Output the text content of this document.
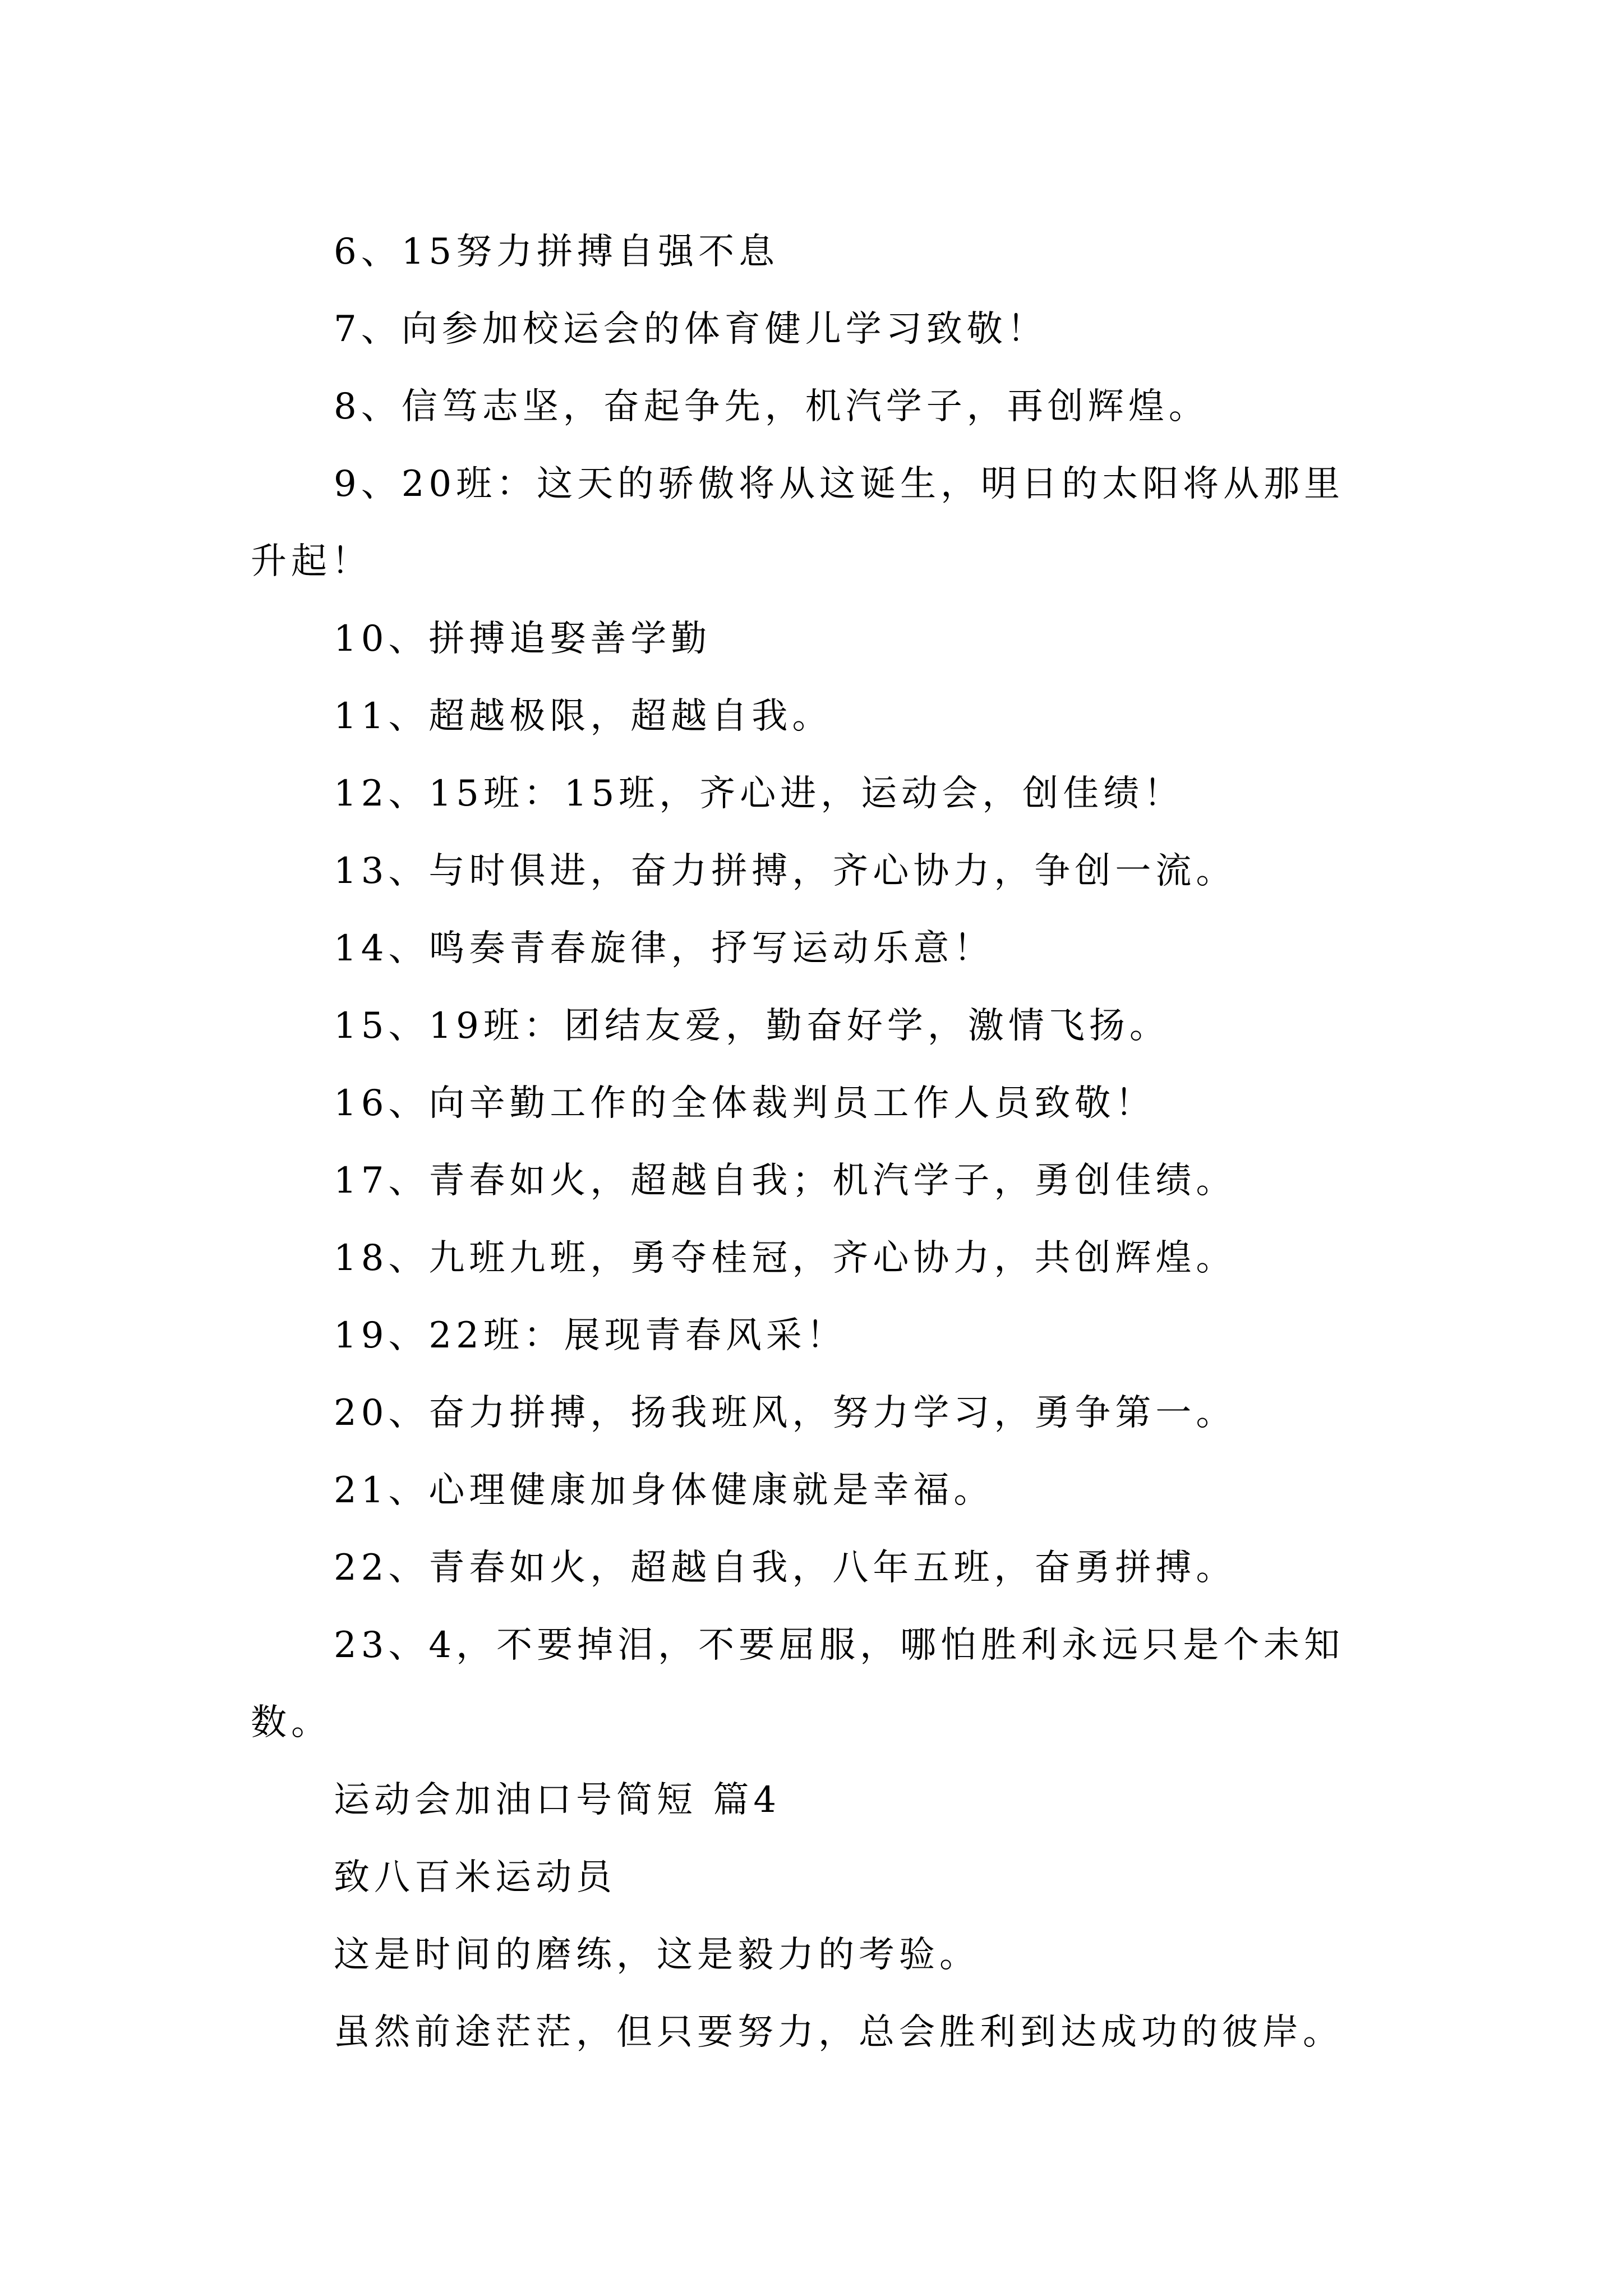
6、15努力拼搏自强不息

7、向参加校运会的体育健儿学习致敬！

8、信笃志坚，奋起争先，机汽学子，再创辉煌。

9、20班：这天的骄傲将从这诞生，明日的太阳将从那里升起！

10、拼搏追娶善学勤

11、超越极限，超越自我。

12、15班：15班，齐心进，运动会，创佳绩！

13、与时俱进，奋力拼搏，齐心协力，争创一流。

14、鸣奏青春旋律，抒写运动乐意！

15、19班：团结友爱，勤奋好学，激情飞扬。

16、向辛勤工作的全体裁判员工作人员致敬！

17、青春如火，超越自我；机汽学子，勇创佳绩。

18、九班九班，勇夺桂冠，齐心协力，共创辉煌。

19、22班：展现青春风采！

20、奋力拼搏，扬我班风，努力学习，勇争第一。

21、心理健康加身体健康就是幸福。

22、青春如火，超越自我，八年五班，奋勇拼搏。

23、4，不要掉泪，不要屈服，哪怕胜利永远只是个未知数。

运动会加油口号简短 篇4

致八百米运动员

这是时间的磨练，这是毅力的考验。

虽然前途茫茫，但只要努力，总会胜利到达成功的彼岸。
